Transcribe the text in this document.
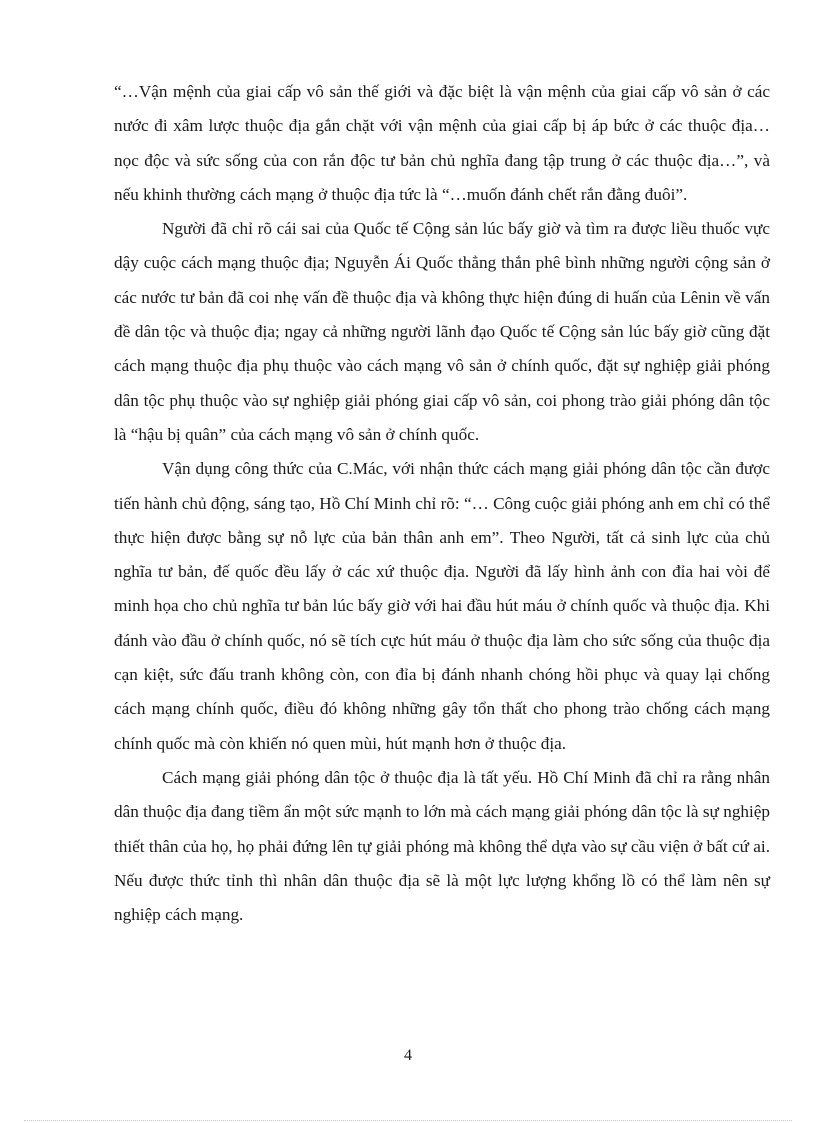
“…Vận mệnh của giai cấp vô sản thế giới và đặc biệt là vận mệnh của giai cấp vô sản ở các nước đi xâm lược thuộc địa gắn chặt với vận mệnh của giai cấp bị áp bức ở các thuộc địa… nọc độc và sức sống của con rắn độc tư bản chủ nghĩa đang tập trung ở các thuộc địa…”, và nếu khinh thường cách mạng ở thuộc địa tức là “…muốn đánh chết rắn đằng đuôi”.

Người đã chỉ rõ cái sai của Quốc tế Cộng sản lúc bấy giờ và tìm ra được liều thuốc vực dậy cuộc cách mạng thuộc địa; Nguyễn Ái Quốc thẳng thắn phê bình những người cộng sản ở các nước tư bản đã coi nhẹ vấn đề thuộc địa và không thực hiện đúng di huấn của Lênin về vấn đề dân tộc và thuộc địa; ngay cả những người lãnh đạo Quốc tế Cộng sản lúc bấy giờ cũng đặt cách mạng thuộc địa phụ thuộc vào cách mạng vô sản ở chính quốc, đặt sự nghiệp giải phóng dân tộc phụ thuộc vào sự nghiệp giải phóng giai cấp vô sản, coi phong trào giải phóng dân tộc là “hậu bị quân” của cách mạng vô sản ở chính quốc.

Vận dụng công thức của C.Mác, với nhận thức cách mạng giải phóng dân tộc cần được tiến hành chủ động, sáng tạo, Hồ Chí Minh chỉ rõ: “… Công cuộc giải phóng anh em chỉ có thể thực hiện được bằng sự nỗ lực của bản thân anh em”. Theo Người, tất cả sinh lực của chủ nghĩa tư bản, đế quốc đều lấy ở các xứ thuộc địa. Người đã lấy hình ảnh con đỉa hai vòi để minh họa cho chủ nghĩa tư bản lúc bấy giờ với hai đầu hút máu ở chính quốc và thuộc địa. Khi đánh vào đầu ở chính quốc, nó sẽ tích cực hút máu ở thuộc địa làm cho sức sống của thuộc địa cạn kiệt, sức đấu tranh không còn, con đỉa bị đánh nhanh chóng hồi phục và quay lại chống cách mạng chính quốc, điều đó không những gây tổn thất cho phong trào chống cách mạng chính quốc mà còn khiến nó quen mùi, hút mạnh hơn ở thuộc địa.

Cách mạng giải phóng dân tộc ở thuộc địa là tất yếu. Hồ Chí Minh đã chỉ ra rằng nhân dân thuộc địa đang tiềm ẩn một sức mạnh to lớn mà cách mạng giải phóng dân tộc là sự nghiệp thiết thân của họ, họ phải đứng lên tự giải phóng mà không thể dựa vào sự cầu viện ở bất cứ ai. Nếu được thức tỉnh thì nhân dân thuộc địa sẽ là một lực lượng khổng lồ có thể làm nên sự nghiệp cách mạng.

4
